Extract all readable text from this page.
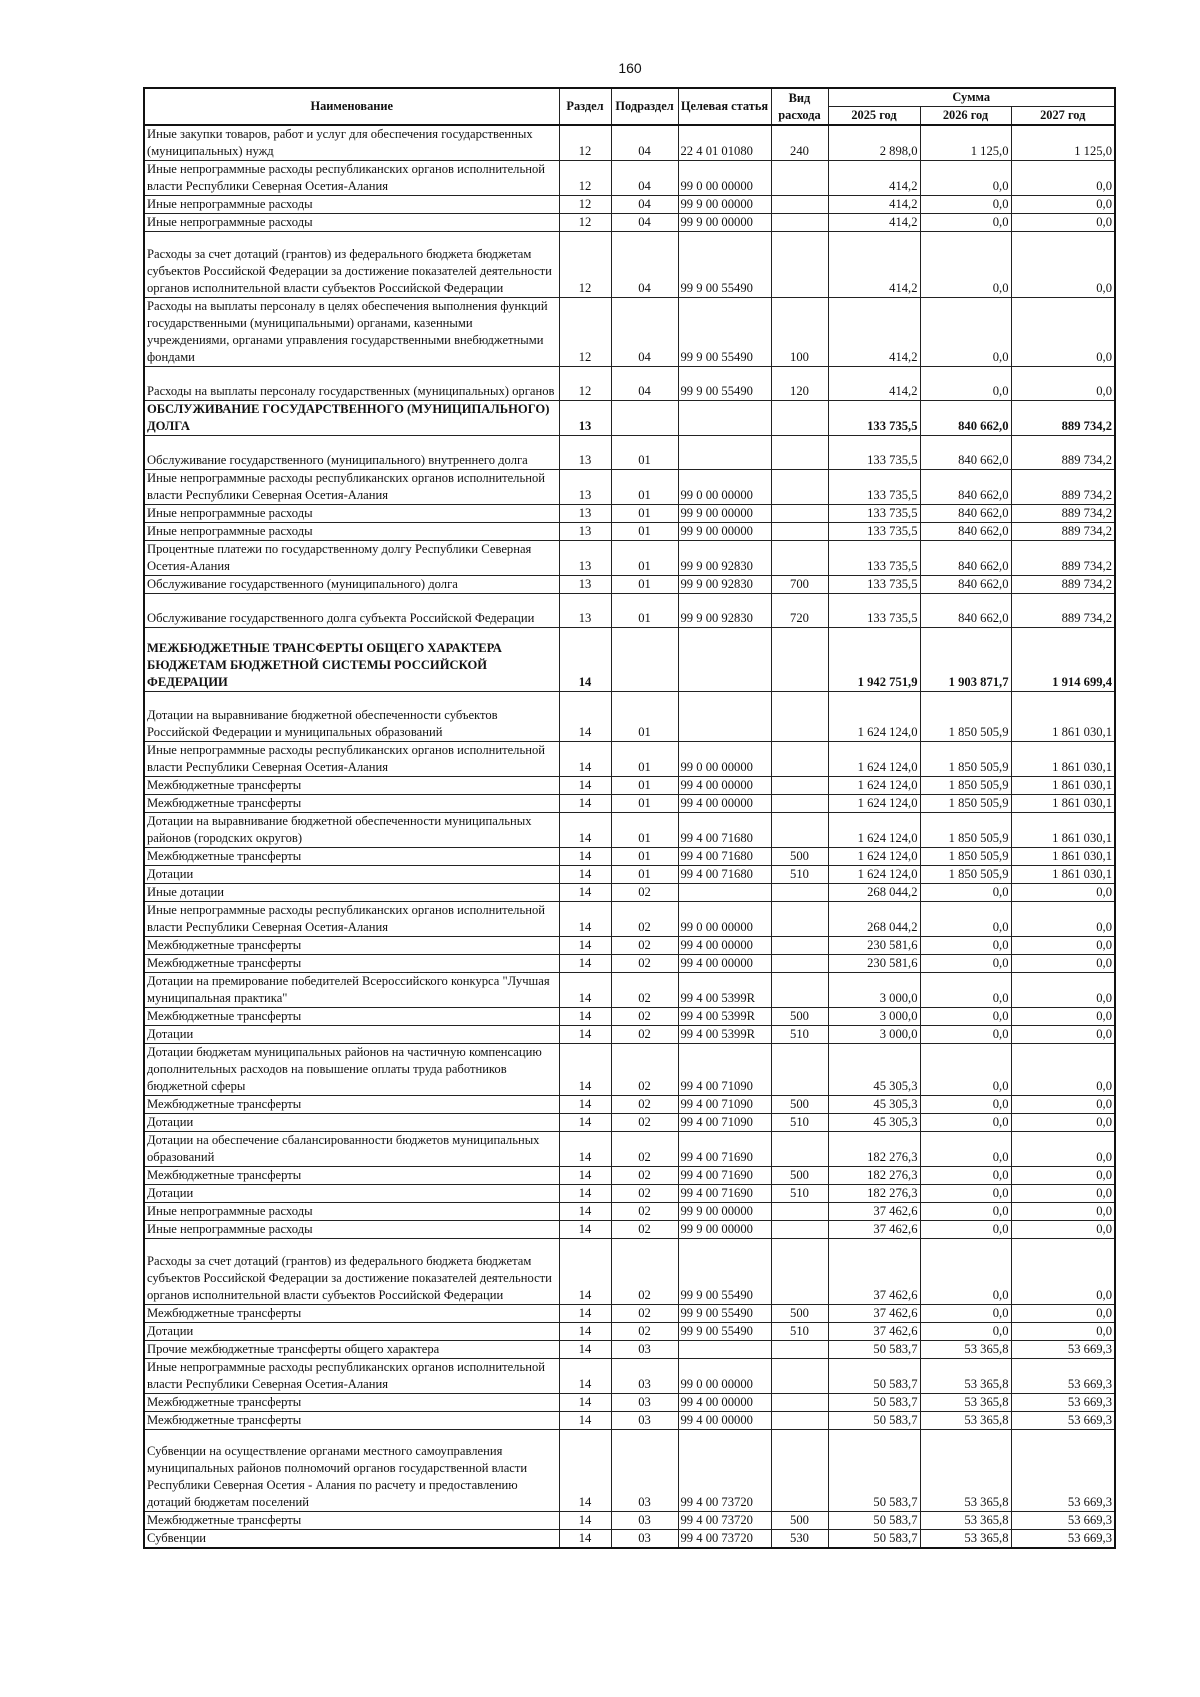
160
Наименование	Раздел	Подраздел	Целевая статья	Вид расхода	Сумма		
					2025 год	2026 год	2027 год
Иные закупки товаров, работ и услуг для обеспечения государственных (муниципальных) нужд	12	04	22 4 01 01080	240	2 898,0	1 125,0	1 125,0
Иные непрограммные расходы республиканских органов исполнительной власти Республики Северная Осетия-Алания	12	04	99 0 00 00000		414,2	0,0	0,0
Иные непрограммные расходы	12	04	99 9 00 00000		414,2	0,0	0,0
Иные непрограммные расходы	12	04	99 9 00 00000		414,2	0,0	0,0
Расходы за счет дотаций (грантов) из федерального бюджета бюджетам субъектов Российской Федерации за достижение показателей деятельности органов исполнительной власти субъектов Российской Федерации	12	04	99 9 00 55490		414,2	0,0	0,0
Расходы на выплаты персоналу в целях обеспечения выполнения функций государственными (муниципальными) органами, казенными учреждениями, органами управления государственными внебюджетными фондами	12	04	99 9 00 55490	100	414,2	0,0	0,0
Расходы на выплаты персоналу государственных (муниципальных) органов	12	04	99 9 00 55490	120	414,2	0,0	0,0
ОБСЛУЖИВАНИЕ ГОСУДАРСТВЕННОГО (МУНИЦИПАЛЬНОГО) ДОЛГА	13				133 735,5	840 662,0	889 734,2
Обслуживание государственного (муниципального) внутреннего долга	13	01			133 735,5	840 662,0	889 734,2
Иные непрограммные расходы республиканских органов исполнительной власти Республики Северная Осетия-Алания	13	01	99 0 00 00000		133 735,5	840 662,0	889 734,2
Иные непрограммные расходы	13	01	99 9 00 00000		133 735,5	840 662,0	889 734,2
Иные непрограммные расходы	13	01	99 9 00 00000		133 735,5	840 662,0	889 734,2
Процентные платежи по государственному долгу Республики Северная Осетия-Алания	13	01	99 9 00 92830		133 735,5	840 662,0	889 734,2
Обслуживание государственного (муниципального) долга	13	01	99 9 00 92830	700	133 735,5	840 662,0	889 734,2
Обслуживание государственного долга субъекта Российской Федерации	13	01	99 9 00 92830	720	133 735,5	840 662,0	889 734,2
МЕЖБЮДЖЕТНЫЕ ТРАНСФЕРТЫ ОБЩЕГО ХАРАКТЕРА БЮДЖЕТАМ БЮДЖЕТНОЙ СИСТЕМЫ РОССИЙСКОЙ ФЕДЕРАЦИИ	14				1 942 751,9	1 903 871,7	1 914 699,4
Дотации на выравнивание бюджетной обеспеченности субъектов Российской Федерации и муниципальных образований	14	01			1 624 124,0	1 850 505,9	1 861 030,1
Иные непрограммные расходы республиканских органов исполнительной власти Республики Северная Осетия-Алания	14	01	99 0 00 00000		1 624 124,0	1 850 505,9	1 861 030,1
Межбюджетные трансферты	14	01	99 4 00 00000		1 624 124,0	1 850 505,9	1 861 030,1
Межбюджетные трансферты	14	01	99 4 00 00000		1 624 124,0	1 850 505,9	1 861 030,1
Дотации на выравнивание бюджетной обеспеченности муниципальных районов (городских округов)	14	01	99 4 00 71680		1 624 124,0	1 850 505,9	1 861 030,1
Межбюджетные трансферты	14	01	99 4 00 71680	500	1 624 124,0	1 850 505,9	1 861 030,1
Дотации	14	01	99 4 00 71680	510	1 624 124,0	1 850 505,9	1 861 030,1
Иные дотации	14	02			268 044,2	0,0	0,0
Иные непрограммные расходы республиканских органов исполнительной власти Республики Северная Осетия-Алания	14	02	99 0 00 00000		268 044,2	0,0	0,0
Межбюджетные трансферты	14	02	99 4 00 00000		230 581,6	0,0	0,0
Межбюджетные трансферты	14	02	99 4 00 00000		230 581,6	0,0	0,0
Дотации на премирование победителей Всероссийского конкурса "Лучшая муниципальная практика"	14	02	99 4 00 5399R		3 000,0	0,0	0,0
Межбюджетные трансферты	14	02	99 4 00 5399R	500	3 000,0	0,0	0,0
Дотации	14	02	99 4 00 5399R	510	3 000,0	0,0	0,0
Дотации бюджетам муниципальных районов на частичную компенсацию дополнительных расходов на повышение оплаты труда работников бюджетной сферы	14	02	99 4 00 71090		45 305,3	0,0	0,0
Межбюджетные трансферты	14	02	99 4 00 71090	500	45 305,3	0,0	0,0
Дотации	14	02	99 4 00 71090	510	45 305,3	0,0	0,0
Дотации на обеспечение сбалансированности бюджетов муниципальных образований	14	02	99 4 00 71690		182 276,3	0,0	0,0
Межбюджетные трансферты	14	02	99 4 00 71690	500	182 276,3	0,0	0,0
Дотации	14	02	99 4 00 71690	510	182 276,3	0,0	0,0
Иные непрограммные расходы	14	02	99 9 00 00000		37 462,6	0,0	0,0
Иные непрограммные расходы	14	02	99 9 00 00000		37 462,6	0,0	0,0
Расходы за счет дотаций (грантов) из федерального бюджета бюджетам субъектов Российской Федерации за достижение показателей деятельности органов исполнительной власти субъектов Российской Федерации	14	02	99 9 00 55490		37 462,6	0,0	0,0
Межбюджетные трансферты	14	02	99 9 00 55490	500	37 462,6	0,0	0,0
Дотации	14	02	99 9 00 55490	510	37 462,6	0,0	0,0
Прочие межбюджетные трансферты общего характера	14	03			50 583,7	53 365,8	53 669,3
Иные непрограммные расходы республиканских органов исполнительной власти Республики Северная Осетия-Алания	14	03	99 0 00 00000		50 583,7	53 365,8	53 669,3
Межбюджетные трансферты	14	03	99 4 00 00000		50 583,7	53 365,8	53 669,3
Межбюджетные трансферты	14	03	99 4 00 00000		50 583,7	53 365,8	53 669,3
Субвенции на осуществление органами местного самоуправления муниципальных районов полномочий органов государственной власти Республики Северная Осетия - Алания по расчету и предоставлению дотаций бюджетам поселений	14	03	99 4 00 73720		50 583,7	53 365,8	53 669,3
Межбюджетные трансферты	14	03	99 4 00 73720	500	50 583,7	53 365,8	53 669,3
Субвенции	14	03	99 4 00 73720	530	50 583,7	53 365,8	53 669,3
